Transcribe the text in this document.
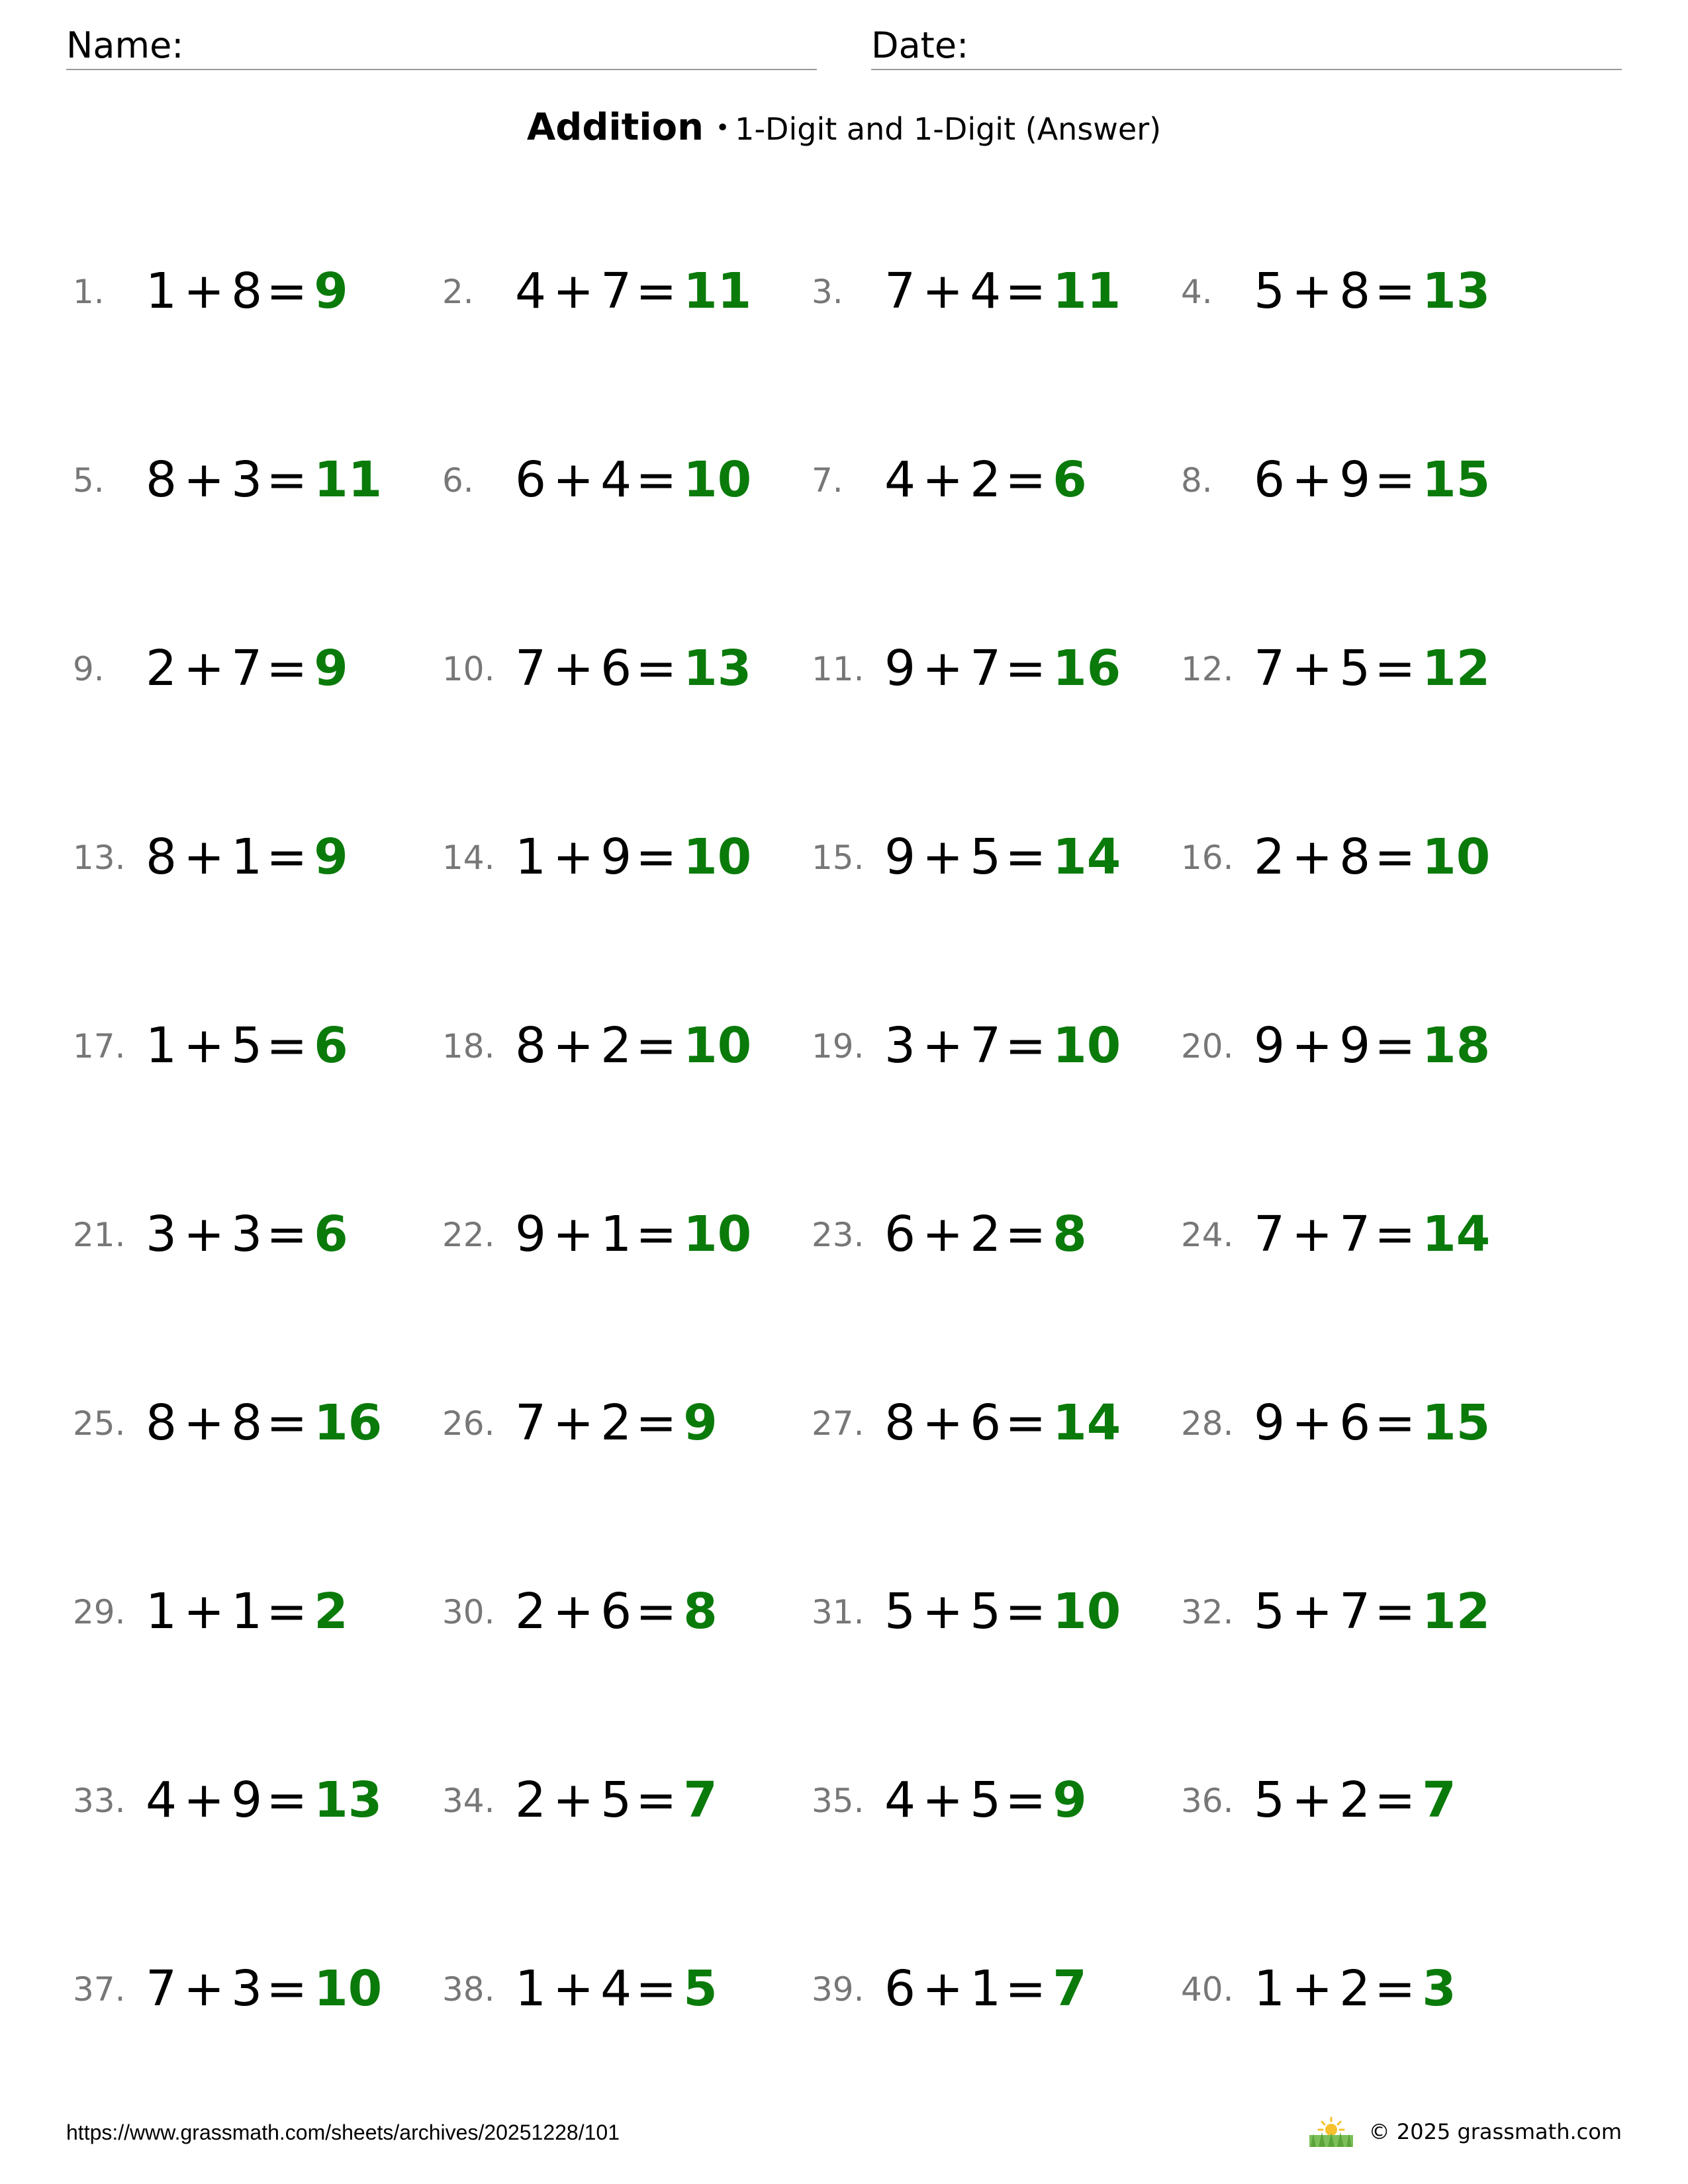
Name:	Date:
Addition • 1-Digit and 1-Digit (Answer)
1. 1 + 8= 9	2. 4 + 7= 11 3. 7 + 4= 11 4. 5 + 8= 13
5. 8 + 3= 11 6. 6 + 4= 10 7. 4 + 2= 6	8. 6 + 9= 15
9. 2 + 7= 9	10. 7 + 6= 13 11. 9 + 7= 16 12. 7 + 5= 12
13. 8 + 1= 9	14. 1 + 9= 10 15. 9 + 5= 14 16. 2 + 8= 10
17. 1 + 5= 6	18. 8 + 2= 10 19. 3 + 7= 10 20. 9 + 9= 18
21. 3 + 3= 6	22. 9 + 1= 10 23. 6 + 2= 8	24. 7 + 7= 14
25. 8 + 8= 16 26. 7 + 2= 9	27. 8 + 6= 14 28. 9 + 6= 15
29. 1 + 1= 2	30. 2 + 6= 8	31. 5 + 5= 10 32. 5 + 7= 12
33. 4 + 9= 13 34. 2 + 5= 7	35. 4 + 5= 9	36. 5 + 2= 7
37. 7 + 3= 10 38. 1 + 4= 5	39. 6 + 1= 7	40. 1 + 2= 3
https://www.grassmath.com/sheets/archives/20251228/101	© 2025 grassmath.com
